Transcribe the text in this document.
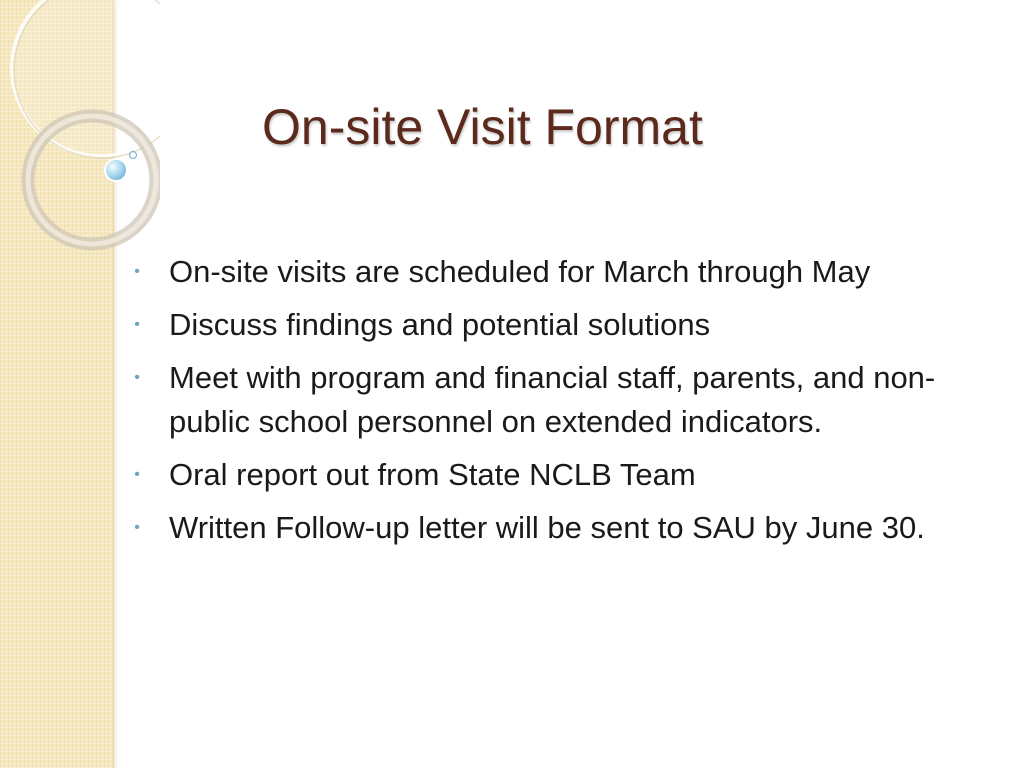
On-site Visit Format
• On-site visits are scheduled for March through May
• Discuss findings and potential solutions
• Meet with program and financial staff, parents, and non-public school personnel on extended indicators.
• Oral report out from State NCLB Team
• Written Follow-up letter will be sent to SAU by June 30.
